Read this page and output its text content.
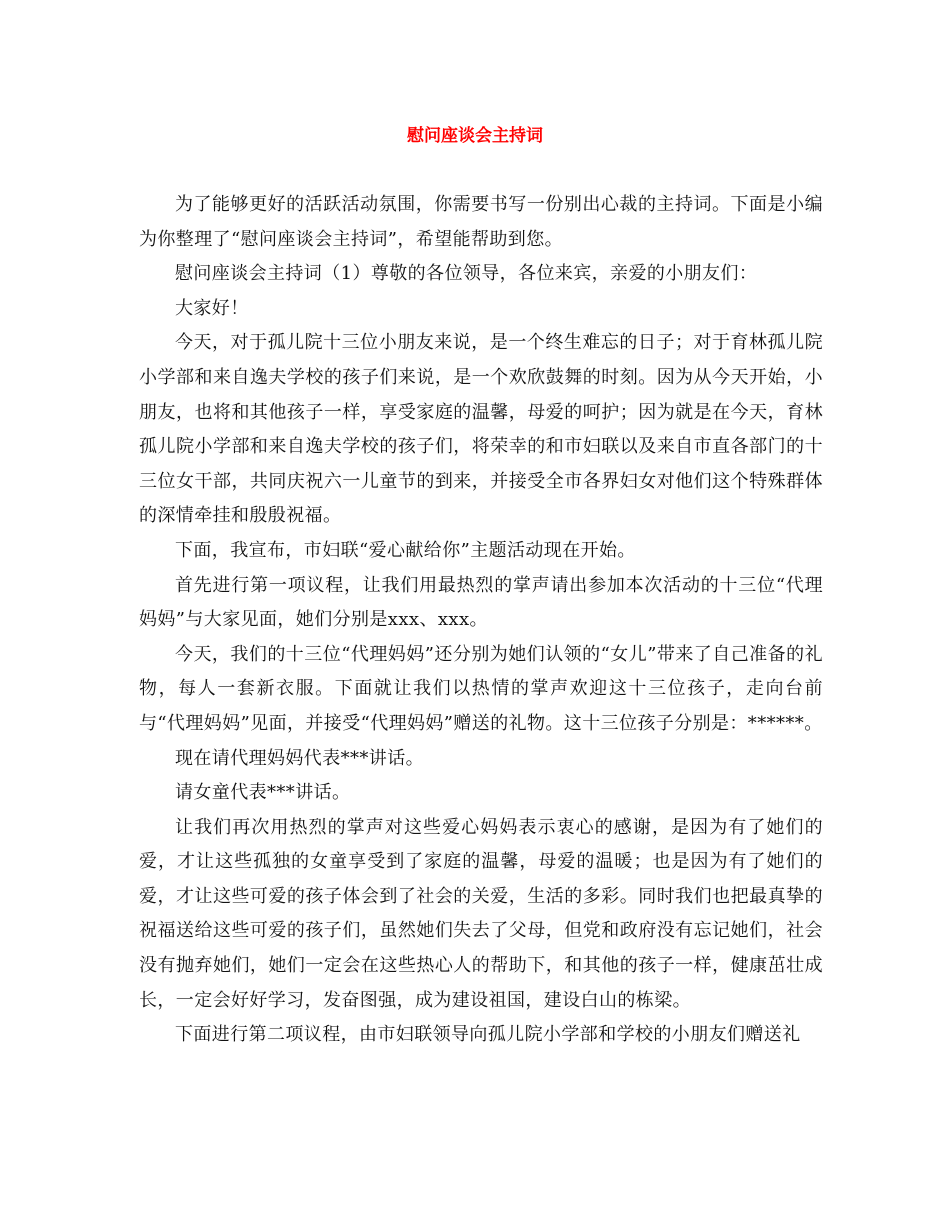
慰问座谈会主持词

为了能够更好的活跃活动氛围，你需要书写一份别出心裁的主持词。下面是小编为你整理了“慰问座谈会主持词”，希望能帮助到您。

慰问座谈会主持词（1）尊敬的各位领导，各位来宾，亲爱的小朋友们：

大家好！

今天，对于孤儿院十三位小朋友来说，是一个终生难忘的日子；对于育林孤儿院小学部和来自逸夫学校的孩子们来说，是一个欢欣鼓舞的时刻。因为从今天开始，小朋友，也将和其他孩子一样，享受家庭的温馨，母爱的呵护；因为就是在今天，育林孤儿院小学部和来自逸夫学校的孩子们，将荣幸的和市妇联以及来自市直各部门的十三位女干部，共同庆祝六一儿童节的到来，并接受全市各界妇女对他们这个特殊群体的深情牵挂和殷殷祝福。

下面，我宣布，市妇联“爱心献给你”主题活动现在开始。

首先进行第一项议程，让我们用最热烈的掌声请出参加本次活动的十三位“代理妈妈”与大家见面，她们分别是xxx、xxx。

今天，我们的十三位“代理妈妈”还分别为她们认领的“女儿”带来了自己准备的礼物，每人一套新衣服。下面就让我们以热情的掌声欢迎这十三位孩子，走向台前与“代理妈妈”见面，并接受“代理妈妈”赠送的礼物。这十三位孩子分别是：******。

现在请代理妈妈代表***讲话。

请女童代表***讲话。

让我们再次用热烈的掌声对这些爱心妈妈表示衷心的感谢，是因为有了她们的爱，才让这些孤独的女童享受到了家庭的温馨，母爱的温暖；也是因为有了她们的爱，才让这些可爱的孩子体会到了社会的关爱，生活的多彩。同时我们也把最真挚的祝福送给这些可爱的孩子们，虽然她们失去了父母，但党和政府没有忘记她们，社会没有抛弃她们，她们一定会在这些热心人的帮助下，和其他的孩子一样，健康茁壮成长，一定会好好学习，发奋图强，成为建设祖国，建设白山的栋梁。

下面进行第二项议程，由市妇联领导向孤儿院小学部和学校的小朋友们赠送礼
